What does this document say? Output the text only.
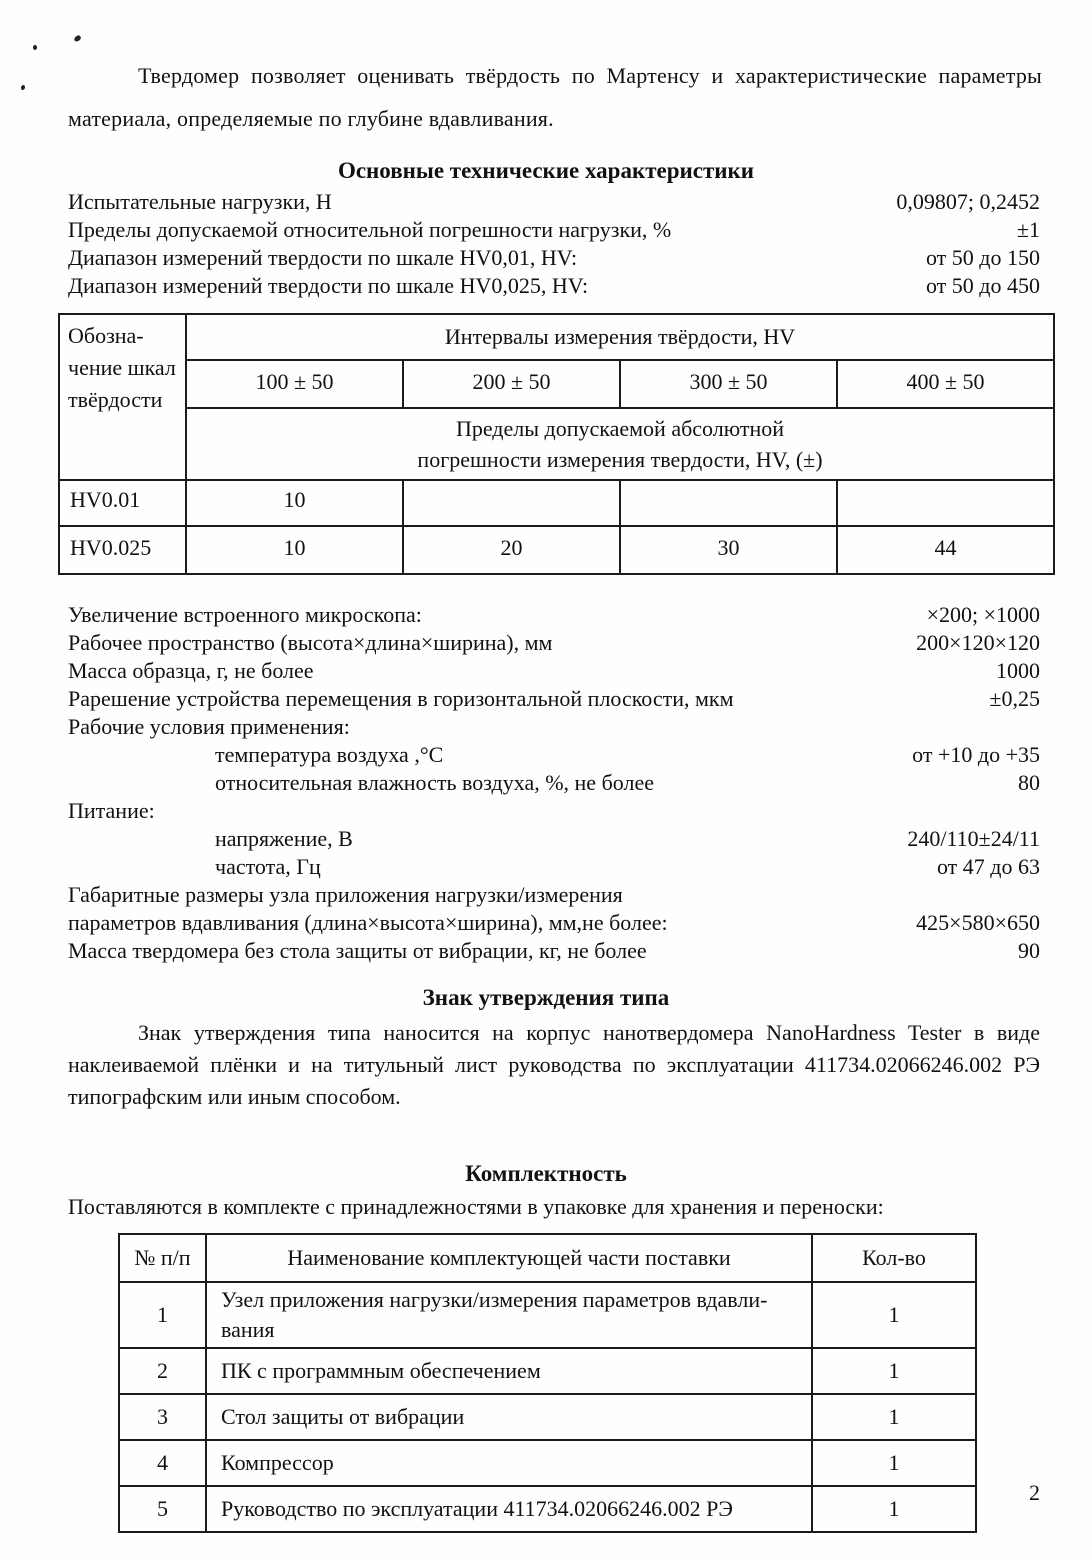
Твердомер позволяет оценивать твёрдость по Мартенсу и характеристические параметры материала, определяемые по глубине вдавливания.

Основные технические характеристики
Испытательные нагрузки, Н	0,09807; 0,2452
Пределы допускаемой относительной погрешности нагрузки, %	±1
Диапазон измерений твердости по шкале HV0,01, HV:	от 50 до 150
Диапазон измерений твердости по шкале HV0,025, HV:	от 50 до 450
Обозна-чение шкал твёрдости	Интервалы измерения твёрдости, HV			
	100 ± 50	200 ± 50	300 ± 50	400 ± 50

	Пределы допускаемой абсолютной
погрешности измерения твердости, HV, (±)			

HV0.01	10			
HV0.025	10	20	30	44
Увеличение встроенного микроскопа:	×200; ×1000
Рабочее пространство (высота×длина×ширина), мм	200×120×120
Масса образца, г, не более	1000
Рарешение устройства перемещения в горизонтальной плоскости, мкм	±0,25
Рабочие условия применения:
температура воздуха ,°С	от +10 до +35
относительная влажность воздуха, %, не более	80
Питание:
напряжение, В	240/110±24/11
частота, Гц	от 47 до 63
Габаритные размеры узла приложения нагрузки/измерения
параметров вдавливания (длина×высота×ширина), мм,не более:	425×580×650
Масса твердомера без стола защиты от вибрации, кг, не более	90
Знак утверждения типа

Знак утверждения типа наносится на корпус нанотвердомера NanoHardness Tester в виде наклеиваемой плёнки и на титульный лист руководства по эксплуатации 411734.02066246.002 РЭ типографским или иным способом.

Комплектность

Поставляются в комплекте с принадлежностями в упаковке для хранения и переноски:

№ п/п	Наименование комплектующей части поставки	Кол-во
1	Узел приложения нагрузки/измерения параметров вдавли-вания	1
2	ПК с программным обеспечением	1
3	Стол защиты от вибрации	1
4	Компрессор	1
5	Руководство по эксплуатации 411734.02066246.002 РЭ	1
2
